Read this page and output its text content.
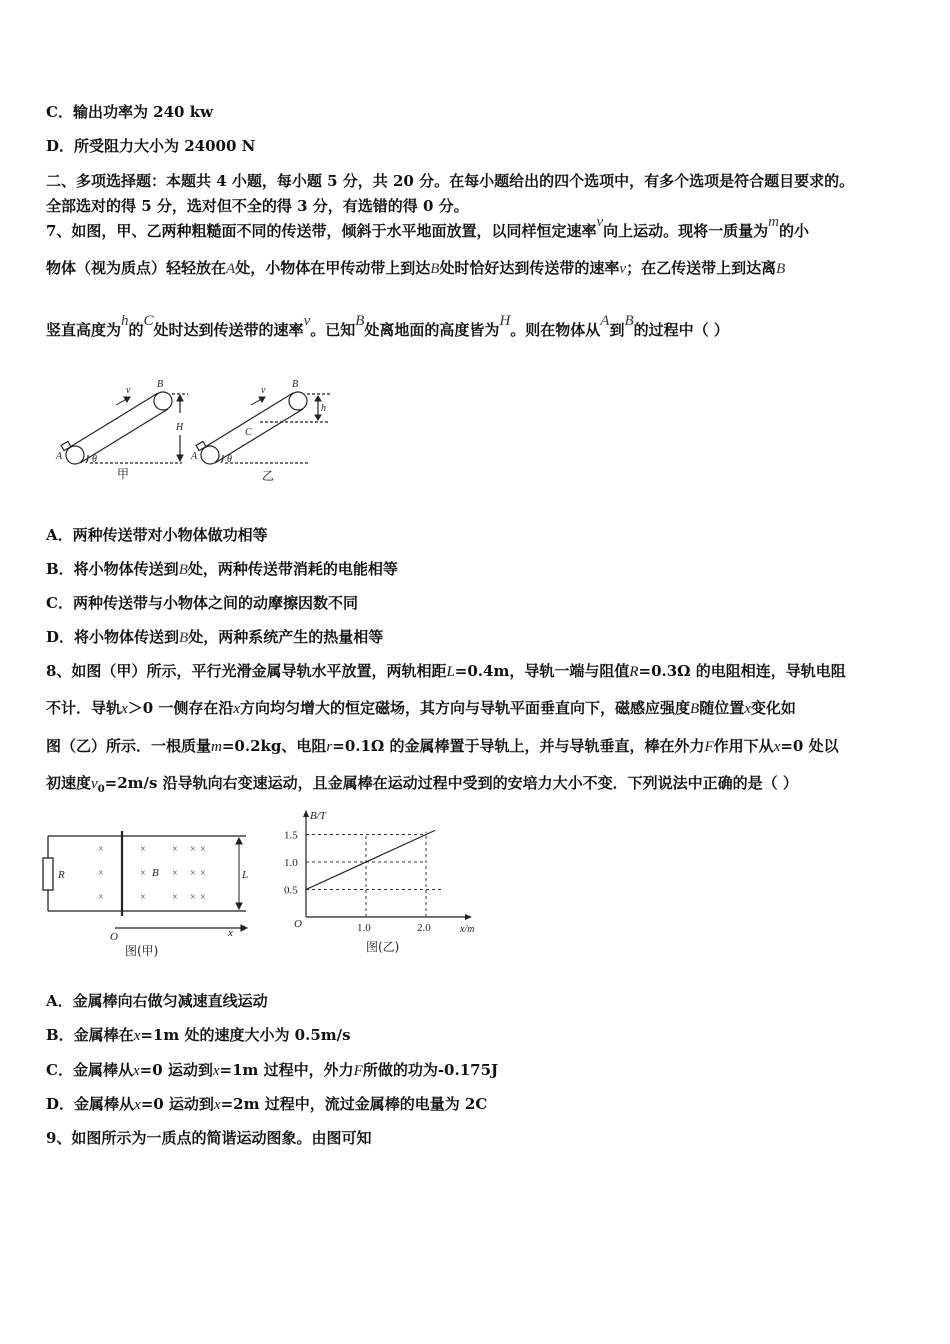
C．输出功率为 240 kw
D．所受阻力大小为 24000 N
二、多项选择题：本题共 4 小题，每小题 5 分，共 20 分。在每小题给出的四个选项中，有多个选项是符合题目要求的。
全部选对的得 5 分，选对但不全的得 3 分，有选错的得 0 分。
7、如图，甲、乙两种粗糙面不同的传送带，倾斜于水平地面放置，以同样恒定速率v向上运动。现将一质量为m的小
物体（视为质点）轻轻放在A处，小物体在甲传动带上到达B处时恰好达到传送带的速率v；在乙传送带上到达离B
竖直高度为h的C处时达到传送带的速率v。已知B处离地面的高度皆为H。则在物体从A到B的过程中（ ）
A
B
H
v
θ	A
B
C
h
v
θ
甲	乙
A．两种传送带对小物体做功相等
B．将小物体传送到B处，两种传送带消耗的电能相等
C．两种传送带与小物体之间的动摩擦因数不同
D．将小物体传送到B处，两种系统产生的热量相等
8、如图（甲）所示，平行光滑金属导轨水平放置，两轨相距L=0.4m，导轨一端与阻值R=0.3Ω 的电阻相连，导轨电阻
不计．导轨x＞0 一侧存在沿x方向均匀增大的恒定磁场，其方向与导轨平面垂直向下，磁感应强度B随位置x变化如
图（乙）所示．一根质量m=0.2kg、电阻r=0.1Ω 的金属棒置于导轨上，并与导轨垂直，棒在外力F作用下从x=0 处以
初速度$v_0=2m/s$ 沿导轨向右变速运动，且金属棒在运动过程中受到的安培力大小不变．下列说法中正确的是（ ）
×
×
×
×	× × ×
×	× × ×
×	× × ×
R	B	L
O	x
图(甲)
1.5
1.0
0.5
1.0	2.0
B/T
x/m
O
图(乙)
A．金属棒向右做匀减速直线运动
B．金属棒在x=1m 处的速度大小为 0.5m/s
C．金属棒从x=0 运动到x=1m 过程中，外力F所做的功为-0.175J
D．金属棒从x=0 运动到x=2m 过程中，流过金属棒的电量为 2C
9、如图所示为一质点的简谐运动图象。由图可知
